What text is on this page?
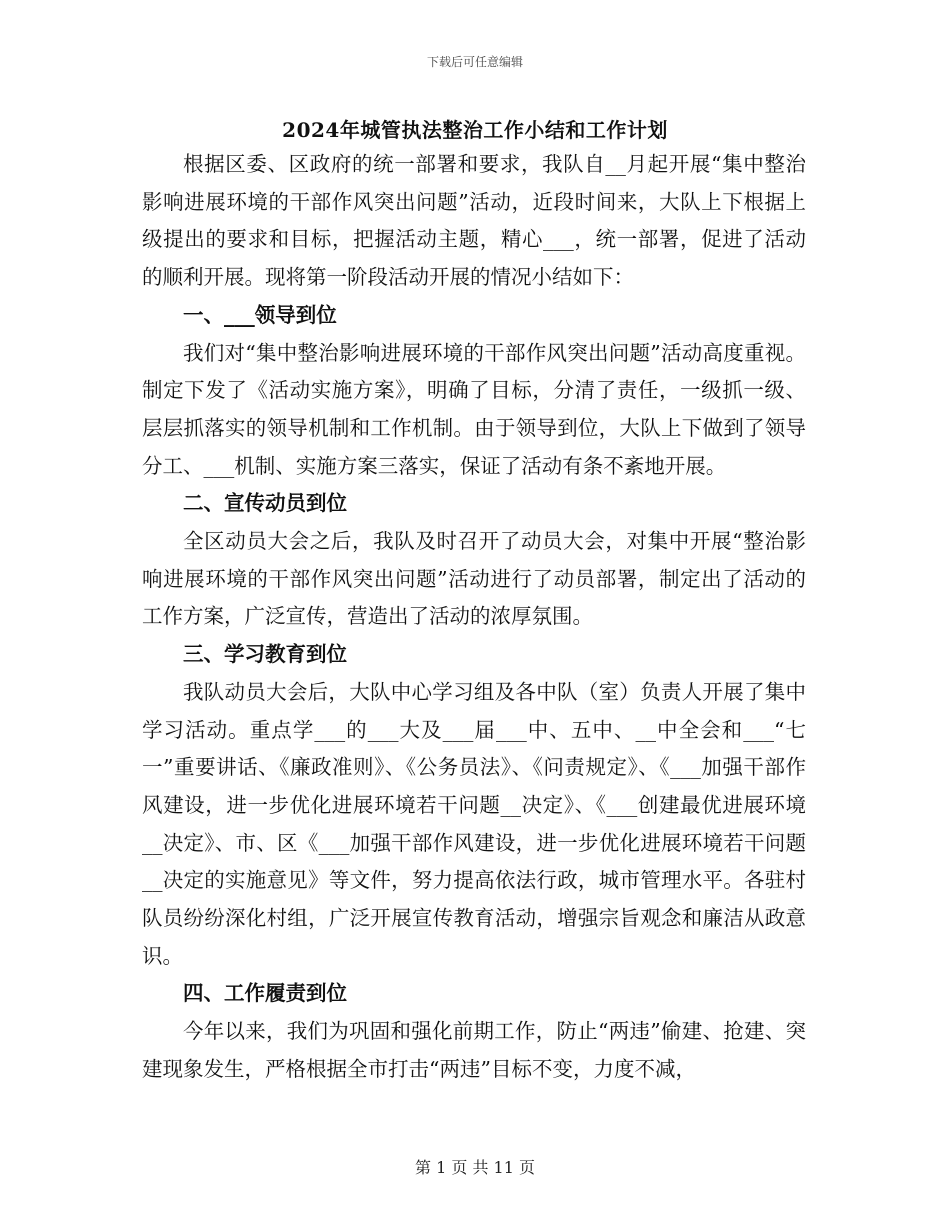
下载后可任意编辑
2024年城管执法整治工作小结和工作计划

根据区委、区政府的统一部署和要求，我队自__月起开展“集中整治影响进展环境的干部作风突出问题”活动，近段时间来，大队上下根据上级提出的要求和目标，把握活动主题，精心___，统一部署，促进了活动的顺利开展。现将第一阶段活动开展的情况小结如下：

一、___领导到位

我们对“集中整治影响进展环境的干部作风突出问题”活动高度重视。制定下发了《活动实施方案》，明确了目标，分清了责任，一级抓一级、层层抓落实的领导机制和工作机制。由于领导到位，大队上下做到了领导分工、___机制、实施方案三落实，保证了活动有条不紊地开展。

二、宣传动员到位

全区动员大会之后，我队及时召开了动员大会，对集中开展“整治影响进展环境的干部作风突出问题”活动进行了动员部署，制定出了活动的工作方案，广泛宣传，营造出了活动的浓厚氛围。

三、学习教育到位

我队动员大会后，大队中心学习组及各中队（室）负责人开展了集中学习活动。重点学___的___大及___届___中、五中、__中全会和___“七一”重要讲话、《廉政准则》、《公务员法》、《问责规定》、《___加强干部作风建设，进一步优化进展环境若干问题__决定》、《___创建最优进展环境__决定》、市、区《___加强干部作风建设，进一步优化进展环境若干问题__决定的实施意见》等文件，努力提高依法行政，城市管理水平。各驻村队员纷纷深化村组，广泛开展宣传教育活动，增强宗旨观念和廉洁从政意识。

四、工作履责到位

今年以来，我们为巩固和强化前期工作，防止“两违”偷建、抢建、突建现象发生，严格根据全市打击“两违”目标不变，力度不减，

第 1 页 共 11 页
